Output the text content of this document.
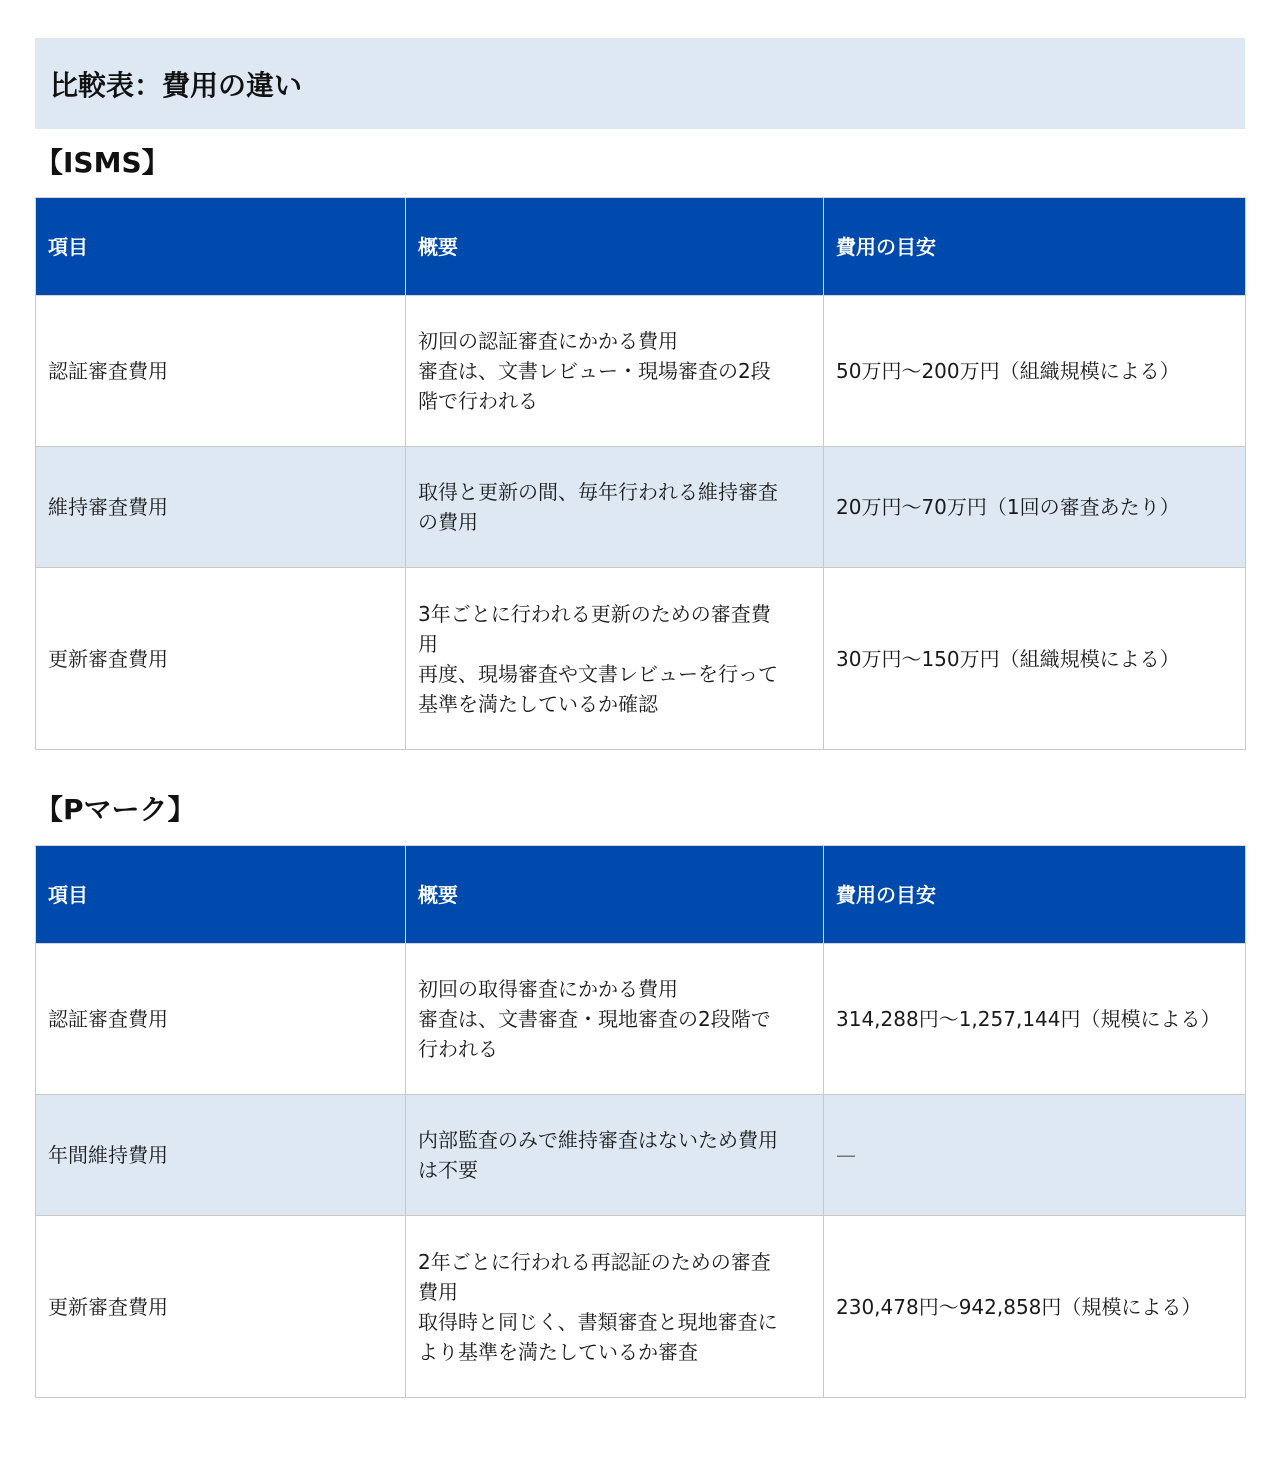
比較表：費用の違い
【ISMS】
項目	概要	費用の目安
認証審査費用	初回の認証審査にかかる費用
審査は、文書レビュー・現場審査の2段
階で行われる	50万円〜200万円（組織規模による）
維持審査費用	取得と更新の間、毎年行われる維持審査
の費用	20万円〜70万円（1回の審査あたり）
更新審査費用	3年ごとに行われる更新のための審査費
用
再度、現場審査や文書レビューを行って
基準を満たしているか確認	30万円〜150万円（組織規模による）
【Pマーク】
項目	概要	費用の目安
認証審査費用	初回の取得審査にかかる費用
審査は、文書審査・現地審査の2段階で
行われる	314,288円〜1,257,144円（規模による）
年間維持費用	内部監査のみで維持審査はないため費用
は不要	—
更新審査費用	2年ごとに行われる再認証のための審査
費用
取得時と同じく、書類審査と現地審査に
より基準を満たしているか審査	230,478円〜942,858円（規模による）
